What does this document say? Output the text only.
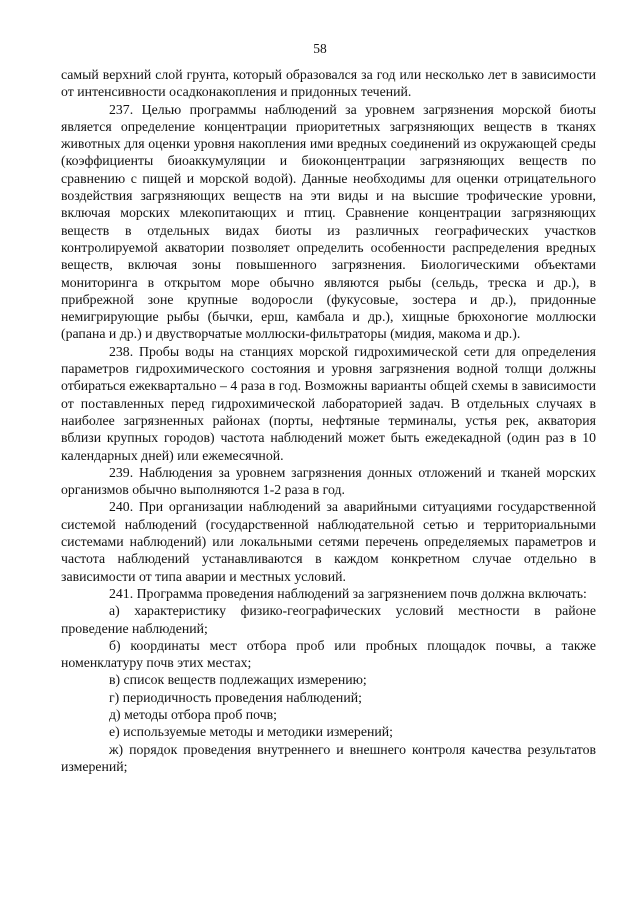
58

самый верхний слой грунта, который образовался за год или несколько лет в зависимости от интенсивности осадконакопления и придонных течений.

237. Целью программы наблюдений за уровнем загрязнения морской биоты является определение концентрации приоритетных загрязняющих веществ в тканях животных для оценки уровня накопления ими вредных соединений из окружающей среды (коэффициенты биоаккумуляции и биоконцентрации загрязняющих веществ по сравнению с пищей и морской водой). Данные необходимы для оценки отрицательного воздействия загрязняющих веществ на эти виды и на высшие трофические уровни, включая морских млекопитающих и птиц. Сравнение концентрации загрязняющих веществ в отдельных видах биоты из различных географических участков контролируемой акватории позволяет определить особенности распределения вредных веществ, включая зоны повышенного загрязнения. Биологическими объектами мониторинга в открытом море обычно являются рыбы (сельдь, треска и др.), в прибрежной зоне крупные водоросли (фукусовые, зостера и др.), придонные немигрирующие рыбы (бычки, ерш, камбала и др.), хищные брюхоногие моллюски (рапана и др.) и двустворчатые моллюски-фильтраторы (мидия, макома и др.).

238. Пробы воды на станциях морской гидрохимической сети для определения параметров гидрохимического состояния и уровня загрязнения водной толщи должны отбираться ежеквартально – 4 раза в год. Возможны варианты общей схемы в зависимости от поставленных перед гидрохимической лабораторией задач. В отдельных случаях в наиболее загрязненных районах (порты, нефтяные терминалы, устья рек, акватория вблизи крупных городов) частота наблюдений может быть ежедекадной (один раз в 10 календарных дней) или ежемесячной.

239. Наблюдения за уровнем загрязнения донных отложений и тканей морских организмов обычно выполняются 1-2 раза в год.

240. При организации наблюдений за аварийными ситуациями государственной системой наблюдений (государственной наблюдательной сетью и территориальными системами наблюдений) или локальными сетями перечень определяемых параметров и частота наблюдений устанавливаются в каждом конкретном случае отдельно в зависимости от типа аварии и местных условий.

241. Программа проведения наблюдений за загрязнением почв должна включать:

а) характеристику физико-географических условий местности в районе проведение наблюдений;

б) координаты мест отбора проб или пробных площадок почвы, а также номенклатуру почв этих местах;

в) список веществ подлежащих измерению;

г) периодичность проведения наблюдений;

д) методы отбора проб почв;

е) используемые методы и методики измерений;

ж) порядок проведения внутреннего и внешнего контроля качества результатов измерений;
